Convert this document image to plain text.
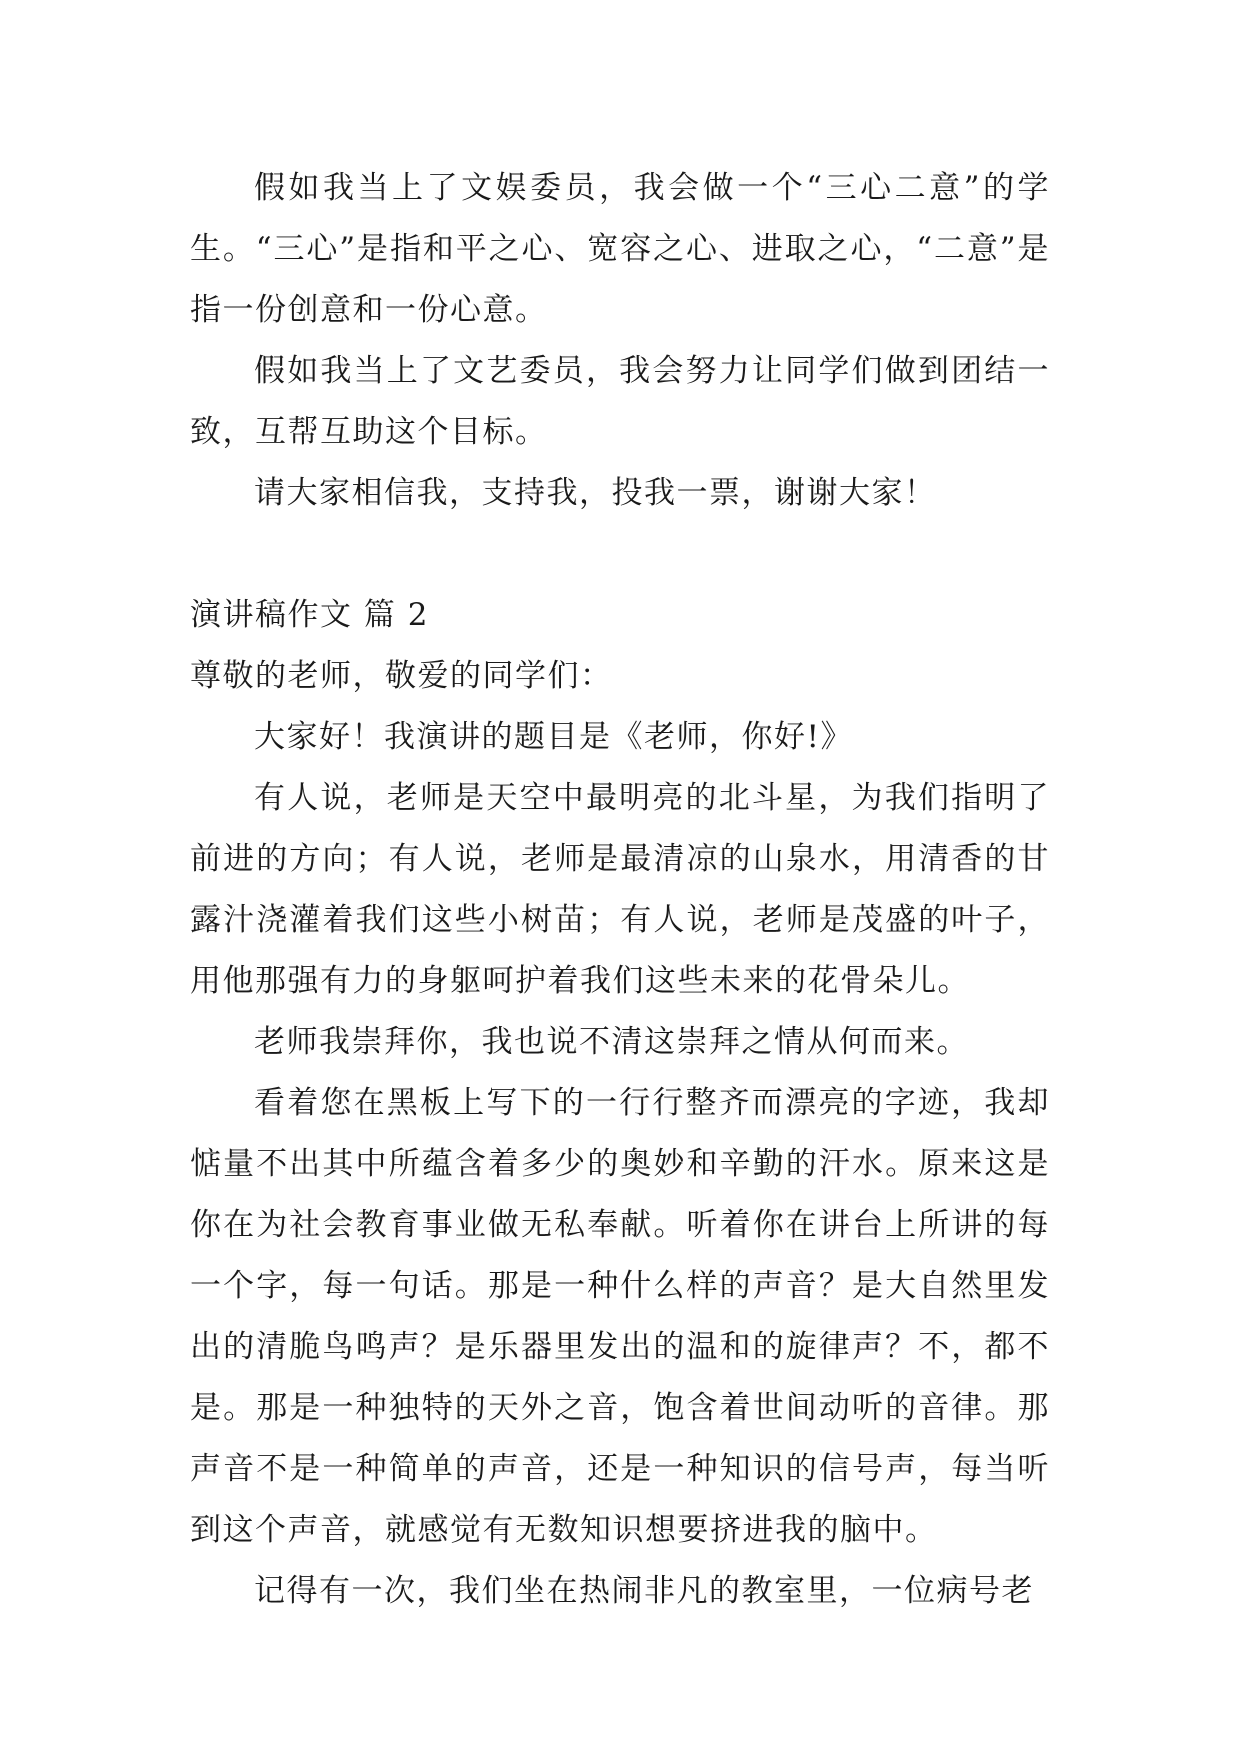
假如我当上了文娱委员，我会做一个“三心二意”的学生。“三心”是指和平之心、宽容之心、进取之心，“二意”是指一份创意和一份心意。

假如我当上了文艺委员，我会努力让同学们做到团结一致，互帮互助这个目标。

请大家相信我，支持我，投我一票，谢谢大家！

演讲稿作文 篇 2

尊敬的老师，敬爱的同学们：

大家好！我演讲的题目是《老师，你好!》

有人说，老师是天空中最明亮的北斗星，为我们指明了前进的方向；有人说，老师是最清凉的山泉水，用清香的甘露汁浇灌着我们这些小树苗；有人说，老师是茂盛的叶子，用他那强有力的身躯呵护着我们这些未来的花骨朵儿。

老师我崇拜你，我也说不清这崇拜之情从何而来。

看着您在黑板上写下的一行行整齐而漂亮的字迹，我却惦量不出其中所蕴含着多少的奥妙和辛勤的汗水。原来这是你在为社会教育事业做无私奉献。听着你在讲台上所讲的每一个字，每一句话。那是一种什么样的声音？是大自然里发出的清脆鸟鸣声？是乐器里发出的温和的旋律声？不，都不是。那是一种独特的天外之音，饱含着世间动听的音律。那声音不是一种简单的声音，还是一种知识的信号声，每当听到这个声音，就感觉有无数知识想要挤进我的脑中。

记得有一次，我们坐在热闹非凡的教室里，一位病号老
